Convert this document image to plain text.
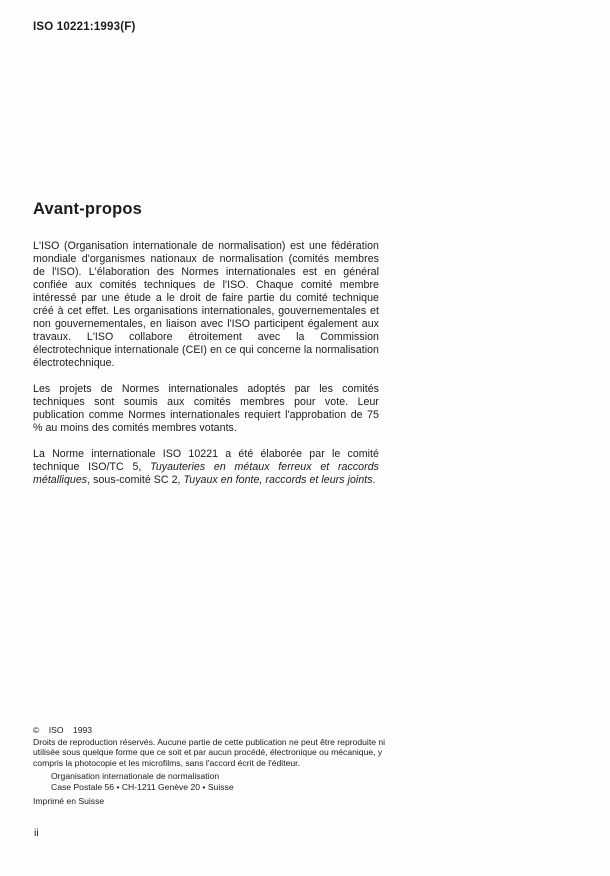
ISO 10221:1993(F)
Avant-propos

L'ISO (Organisation internationale de normalisation) est une fédération mondiale d'organismes nationaux de normalisation (comités membres de l'ISO). L'élaboration des Normes internationales est en général confiée aux comités techniques de l'ISO. Chaque comité membre intéressé par une étude a le droit de faire partie du comité technique créé à cet effet. Les organisations internationales, gouvernementales et non gouvernementales, en liaison avec l'ISO participent également aux travaux. L'ISO collabore étroitement avec la Commission électrotechnique internationale (CEI) en ce qui concerne la normalisation électrotechnique.

Les projets de Normes internationales adoptés par les comités techniques sont soumis aux comités membres pour vote. Leur publication comme Normes internationales requiert l'approbation de 75 % au moins des comités membres votants.

La Norme internationale ISO 10221 a été élaborée par le comité technique ISO/TC 5, Tuyauteries en métaux ferreux et raccords métalliques, sous-comité SC 2, Tuyaux en fonte, raccords et leurs joints.

© ISO 1993

Droits de reproduction réservés. Aucune partie de cette publication ne peut être reproduite ni utilisée sous quelque forme que ce soit et par aucun procédé, électronique ou mécanique, y compris la photocopie et les microfilms, sans l'accord écrit de l'éditeur.

Organisation internationale de normalisation
Case Postale 56 • CH-1211 Genève 20 • Suisse
Imprimé en Suisse
ii
